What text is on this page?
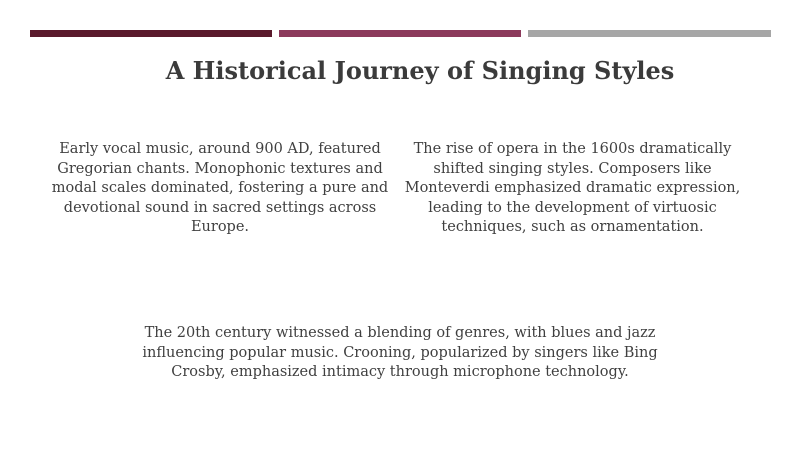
A Historical Journey of Singing Styles
Early vocal music, around 900 AD, featured Gregorian chants. Monophonic textures and modal scales dominated, fostering a pure and devotional sound in sacred settings across Europe.
The rise of opera in the 1600s dramatically shifted singing styles. Composers like Monteverdi emphasized dramatic expression, leading to the development of virtuosic techniques, such as ornamentation.
The 20th century witnessed a blending of genres, with blues and jazz influencing popular music. Crooning, popularized by singers like Bing Crosby, emphasized intimacy through microphone technology.
